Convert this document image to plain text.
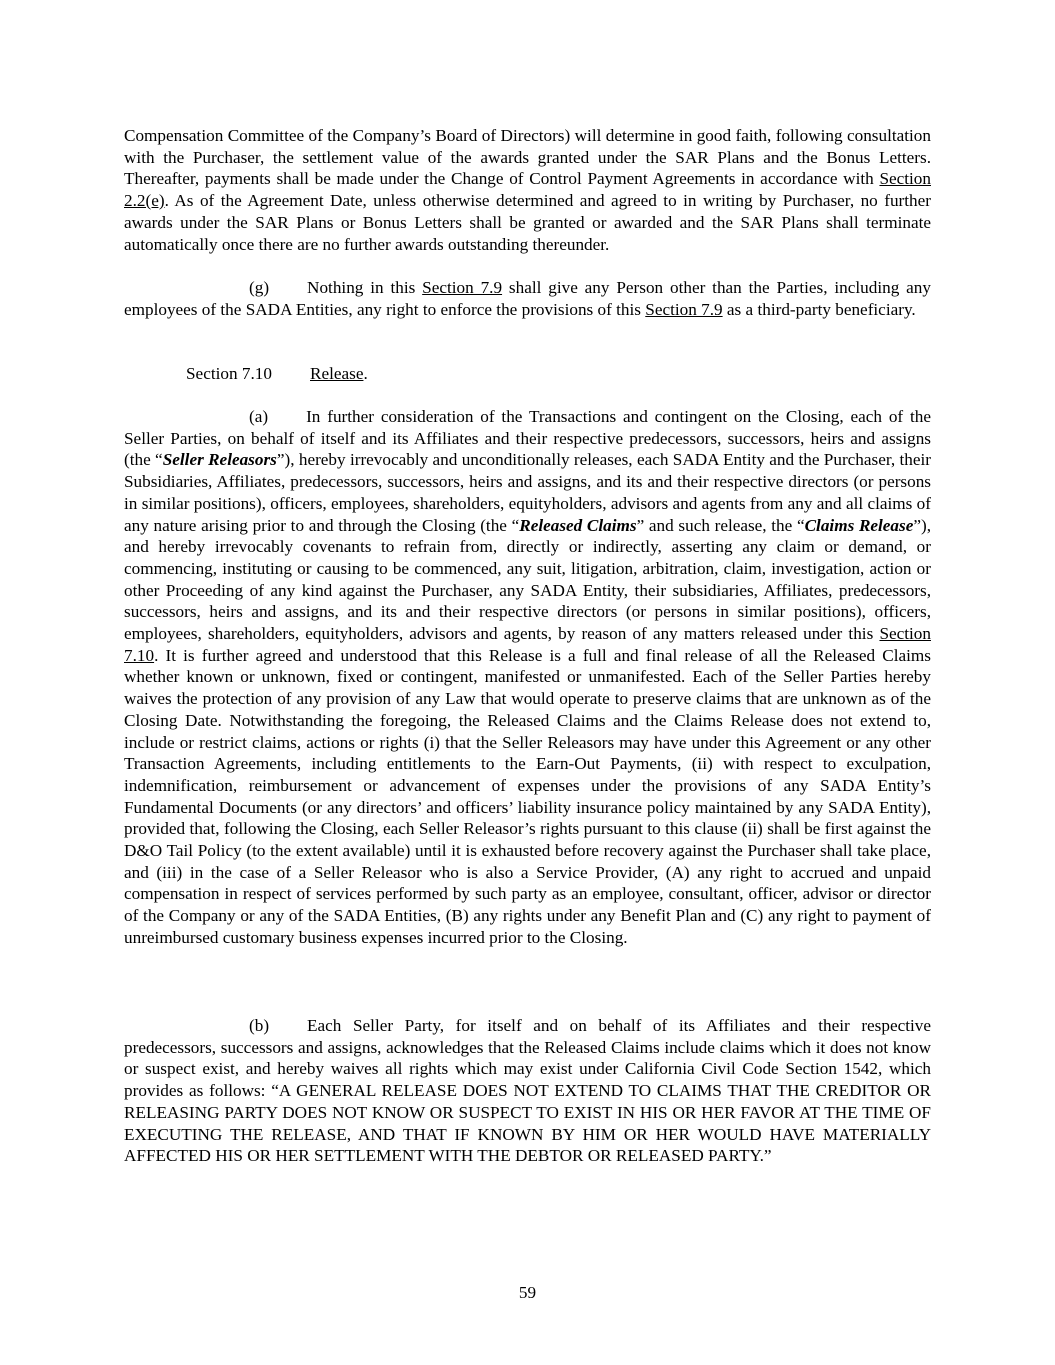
Compensation Committee of the Company’s Board of Directors) will determine in good faith, following consultation with the Purchaser, the settlement value of the awards granted under the SAR Plans and the Bonus Letters. Thereafter, payments shall be made under the Change of Control Payment Agreements in accordance with Section 2.2(e). As of the Agreement Date, unless otherwise determined and agreed to in writing by Purchaser, no further awards under the SAR Plans or Bonus Letters shall be granted or awarded and the SAR Plans shall terminate automatically once there are no further awards outstanding thereunder.

(g) Nothing in this Section 7.9 shall give any Person other than the Parties, including any employees of the SADA Entities, any right to enforce the provisions of this Section 7.9 as a third-party beneficiary.

Section 7.10 Release.

(a) In further consideration of the Transactions and contingent on the Closing, each of the Seller Parties, on behalf of itself and its Affiliates and their respective predecessors, successors, heirs and assigns (the “Seller Releasors”), hereby irrevocably and unconditionally releases, each SADA Entity and the Purchaser, their Subsidiaries, Affiliates, predecessors, successors, heirs and assigns, and its and their respective directors (or persons in similar positions), officers, employees, shareholders, equityholders, advisors and agents from any and all claims of any nature arising prior to and through the Closing (the “Released Claims” and such release, the “Claims Release”), and hereby irrevocably covenants to refrain from, directly or indirectly, asserting any claim or demand, or commencing, instituting or causing to be commenced, any suit, litigation, arbitration, claim, investigation, action or other Proceeding of any kind against the Purchaser, any SADA Entity, their subsidiaries, Affiliates, predecessors, successors, heirs and assigns, and its and their respective directors (or persons in similar positions), officers, employees, shareholders, equityholders, advisors and agents, by reason of any matters released under this Section 7.10. It is further agreed and understood that this Release is a full and final release of all the Released Claims whether known or unknown, fixed or contingent, manifested or unmanifested. Each of the Seller Parties hereby waives the protection of any provision of any Law that would operate to preserve claims that are unknown as of the Closing Date. Notwithstanding the foregoing, the Released Claims and the Claims Release does not extend to, include or restrict claims, actions or rights (i) that the Seller Releasors may have under this Agreement or any other Transaction Agreements, including entitlements to the Earn-Out Payments, (ii) with respect to exculpation, indemnification, reimbursement or advancement of expenses under the provisions of any SADA Entity’s Fundamental Documents (or any directors’ and officers’ liability insurance policy maintained by any SADA Entity), provided that, following the Closing, each Seller Releasor’s rights pursuant to this clause (ii) shall be first against the D&O Tail Policy (to the extent available) until it is exhausted before recovery against the Purchaser shall take place, and (iii) in the case of a Seller Releasor who is also a Service Provider, (A) any right to accrued and unpaid compensation in respect of services performed by such party as an employee, consultant, officer, advisor or director of the Company or any of the SADA Entities, (B) any rights under any Benefit Plan and (C) any right to payment of unreimbursed customary business expenses incurred prior to the Closing.

(b) Each Seller Party, for itself and on behalf of its Affiliates and their respective predecessors, successors and assigns, acknowledges that the Released Claims include claims which it does not know or suspect exist, and hereby waives all rights which may exist under California Civil Code Section 1542, which provides as follows: “A GENERAL RELEASE DOES NOT EXTEND TO CLAIMS THAT THE CREDITOR OR RELEASING PARTY DOES NOT KNOW OR SUSPECT TO EXIST IN HIS OR HER FAVOR AT THE TIME OF EXECUTING THE RELEASE, AND THAT IF KNOWN BY HIM OR HER WOULD HAVE MATERIALLY AFFECTED HIS OR HER SETTLEMENT WITH THE DEBTOR OR RELEASED PARTY.”

59
